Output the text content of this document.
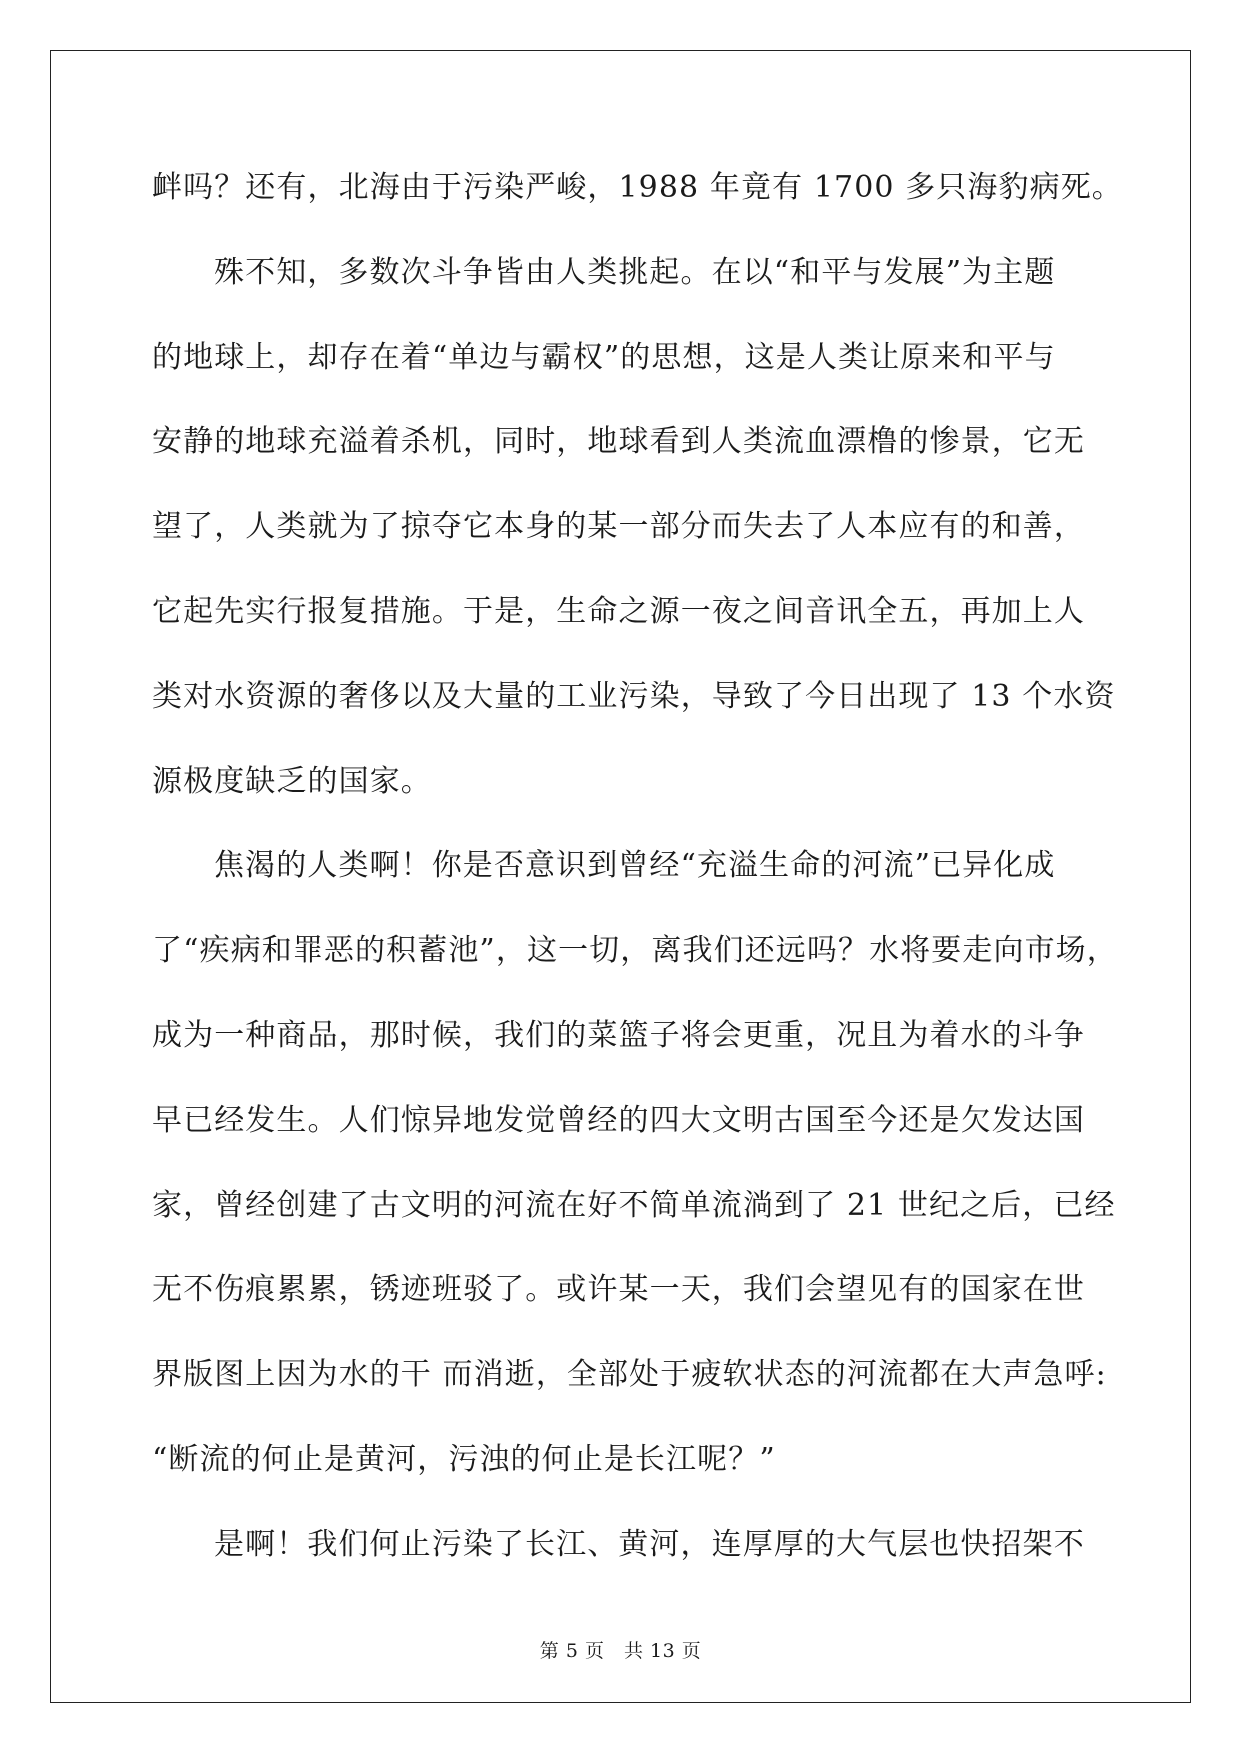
衅吗？还有，北海由于污染严峻，1988 年竟有 1700 多只海豹病死。
殊不知，多数次斗争皆由人类挑起。在以“和平与发展”为主题
的地球上，却存在着“单边与霸权”的思想，这是人类让原来和平与
安静的地球充溢着杀机，同时，地球看到人类流血漂橹的惨景，它无
望了，人类就为了掠夺它本身的某一部分而失去了人本应有的和善，
它起先实行报复措施。于是，生命之源一夜之间音讯全五，再加上人
类对水资源的奢侈以及大量的工业污染，导致了今日出现了 13 个水资
源极度缺乏的国家。
焦渴的人类啊！你是否意识到曾经“充溢生命的河流”已异化成
了“疾病和罪恶的积蓄池”，这一切，离我们还远吗？水将要走向市场，
成为一种商品，那时候，我们的菜篮子将会更重，况且为着水的斗争
早已经发生。人们惊异地发觉曾经的四大文明古国至今还是欠发达国
家，曾经创建了古文明的河流在好不简单流淌到了 21 世纪之后，已经
无不伤痕累累，锈迹班驳了。或许某一天，我们会望见有的国家在世
界版图上因为水的干 而消逝，全部处于疲软状态的河流都在大声急呼:
“断流的何止是黄河，污浊的何止是长江呢？”
是啊！我们何止污染了长江、黄河，连厚厚的大气层也快招架不
第 5 页　共 13 页
